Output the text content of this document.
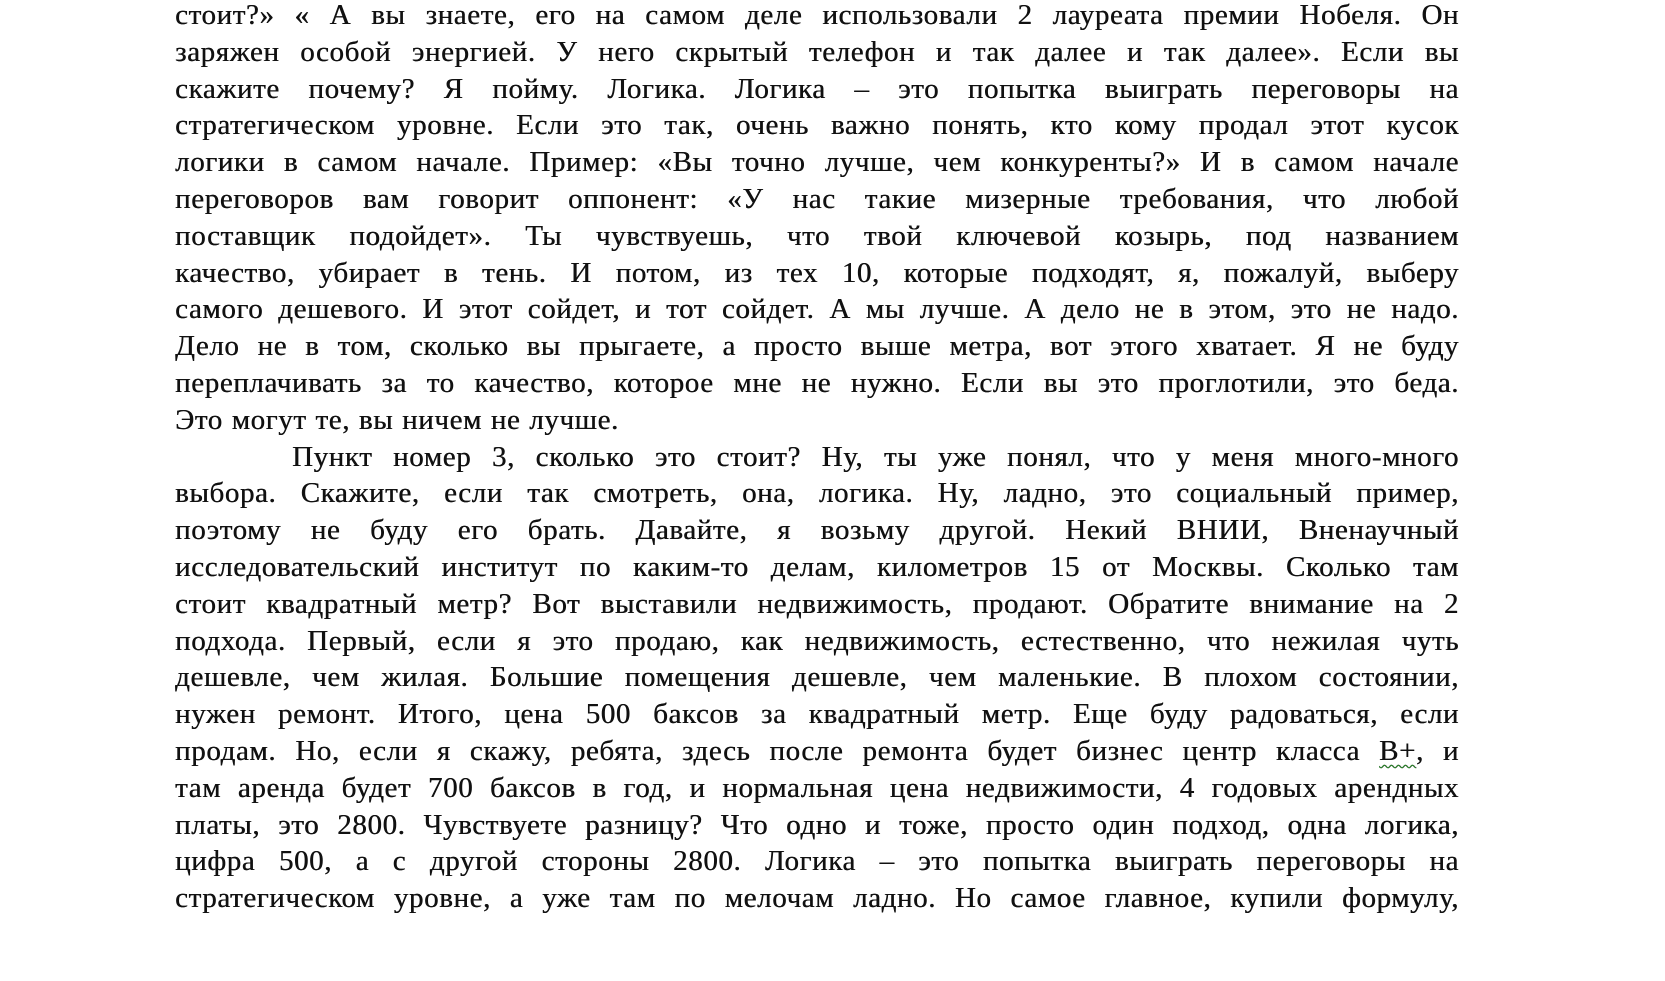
стоит?» « А вы знаете, его на самом деле использовали 2 лауреата премии Нобеля. Он
заряжен особой энергией. У него скрытый телефон и так далее и так далее». Если вы
скажите почему? Я пойму. Логика. Логика – это попытка выиграть переговоры на
стратегическом уровне. Если это так, очень важно понять, кто кому продал этот кусок
логики в самом начале. Пример: «Вы точно лучше, чем конкуренты?» И в самом начале
переговоров вам говорит оппонент: «У нас такие мизерные требования, что любой
поставщик подойдет». Ты чувствуешь, что твой ключевой козырь, под названием
качество, убирает в тень. И потом, из тех 10, которые подходят, я, пожалуй, выберу
самого дешевого. И этот сойдет, и тот сойдет. А мы лучше. А дело не в этом, это не надо.
Дело не в том, сколько вы прыгаете, а просто выше метра, вот этого хватает. Я не буду
переплачивать за то качество, которое мне не нужно. Если вы это проглотили, это беда.
Это могут те, вы ничем не лучше.
Пункт номер 3, сколько это стоит? Ну, ты уже понял, что у меня много-много
выбора. Скажите, если так смотреть, она, логика. Ну, ладно, это социальный пример,
поэтому не буду его брать. Давайте, я возьму другой. Некий ВНИИ, Вненаучный
исследовательский институт по каким-то делам, километров 15 от Москвы. Сколько там
стоит квадратный метр? Вот выставили недвижимость, продают. Обратите внимание на 2
подхода. Первый, если я это продаю, как недвижимость, естественно, что нежилая чуть
дешевле, чем жилая. Большие помещения дешевле, чем маленькие. В плохом состоянии,
нужен ремонт. Итого, цена 500 баксов за квадратный метр. Еще буду радоваться, если
продам. Но, если я скажу, ребята, здесь после ремонта будет бизнес центр класса В+, и
там аренда будет 700 баксов в год, и нормальная цена недвижимости, 4 годовых арендных
платы, это 2800. Чувствуете разницу? Что одно и тоже, просто один подход, одна логика,
цифра 500, а с другой стороны 2800. Логика – это попытка выиграть переговоры на
стратегическом уровне, а уже там по мелочам ладно. Но самое главное, купили формулу,
